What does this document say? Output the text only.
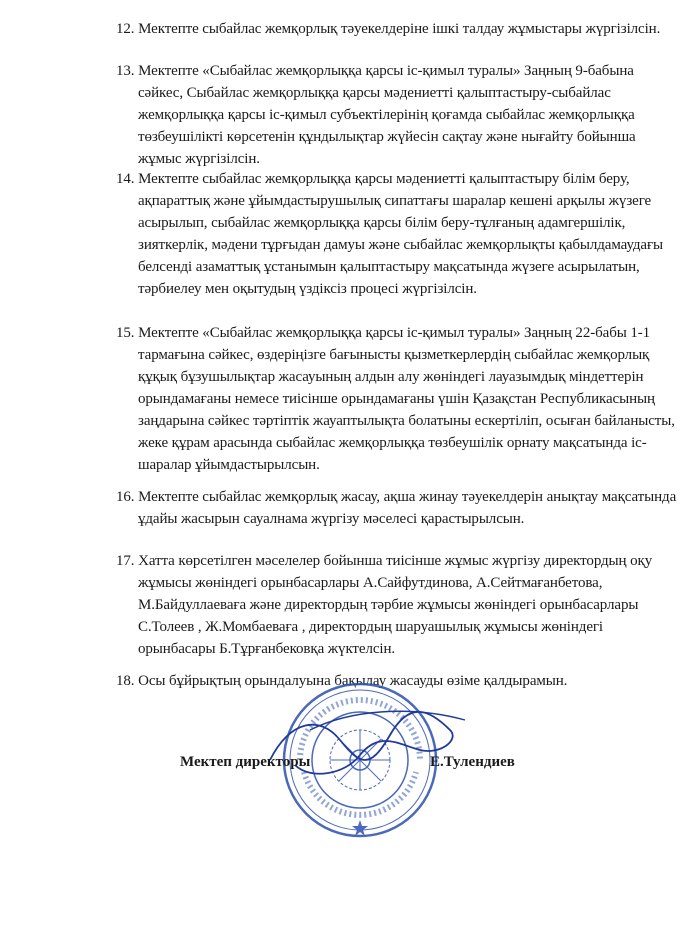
12. Мектепте сыбайлас жемқорлық тәуекелдеріне ішкі талдау жұмыстары жүргізілсін.
13. Мектепте «Сыбайлас жемқорлыққа қарсы іс-қимыл туралы» Заңның 9-бабына сәйкес, Сыбайлас жемқорлыққа қарсы мәдениетті қалыптастыру-сыбайлас жемқорлыққа қарсы іс-қимыл субъектілерінің қоғамда сыбайлас жемқорлыққа төзбеушілікті көрсетенін құндылықтар жүйесін сақтау және нығайту бойынша жұмыс жүргізілсін.
14. Мектепте сыбайлас жемқорлыққа қарсы мәдениетті қалыптастыру білім беру, ақпараттық және ұйымдастырушылық сипаттағы шаралар кешені арқылы жүзеге асырылып, сыбайлас жемқорлыққа қарсы білім беру-тұлғаның адамгершілік, зияткерлік, мәдени тұрғыдан дамуы және сыбайлас жемқорлықты қабылдамаудағы белсенді азаматтық ұстанымын қалыптастыру мақсатында жүзеге асырылатын, тәрбиелеу мен оқытудың үздіксіз процесі жүргізілсін.
15. Мектепте «Сыбайлас жемқорлыққа қарсы іс-қимыл туралы» Заңның 22-бабы 1-1 тармағына сәйкес, өздеріңізге бағынысты қызметкерлердің сыбайлас жемқорлық құқық бұзушылықтар жасауының алдын алу жөніндегі лауазымдық міндеттерін орындамағаны немесе тиісінше орындамағаны үшін Қазақстан Республикасының заңдарына сәйкес тәртіптік жауаптылықта болатыны ескертіліп, осыған байланысты, жеке құрам арасында сыбайлас жемқорлыққа төзбеушілік орнату мақсатында іс-шаралар ұйымдастырылсын.
16. Мектепте сыбайлас жемқорлық жасау, ақша жинау тәуекелдерін анықтау мақсатында ұдайы жасырын сауалнама жүргізу мәселесі қарастырылсын.
17. Хатта көрсетілген мәселелер бойынша тиісінше жұмыс жүргізу директордың оқу жұмысы жөніндегі орынбасарлары А.Сайфутдинова, А.Сейтмағанбетова, М.Байдуллаеваға және директордың тәрбие жұмысы жөніндегі орынбасарлары С.Толеев , Ж.Момбаеваға , директордың шаруашылық жұмысы жөніндегі орынбасары Б.Тұрғанбековқа жүктелсін.
18. Осы бұйрықтың орындалуына бақылау жасауды өзіме қалдырамын.
Мектеп директоры	Е.Тулендиев
